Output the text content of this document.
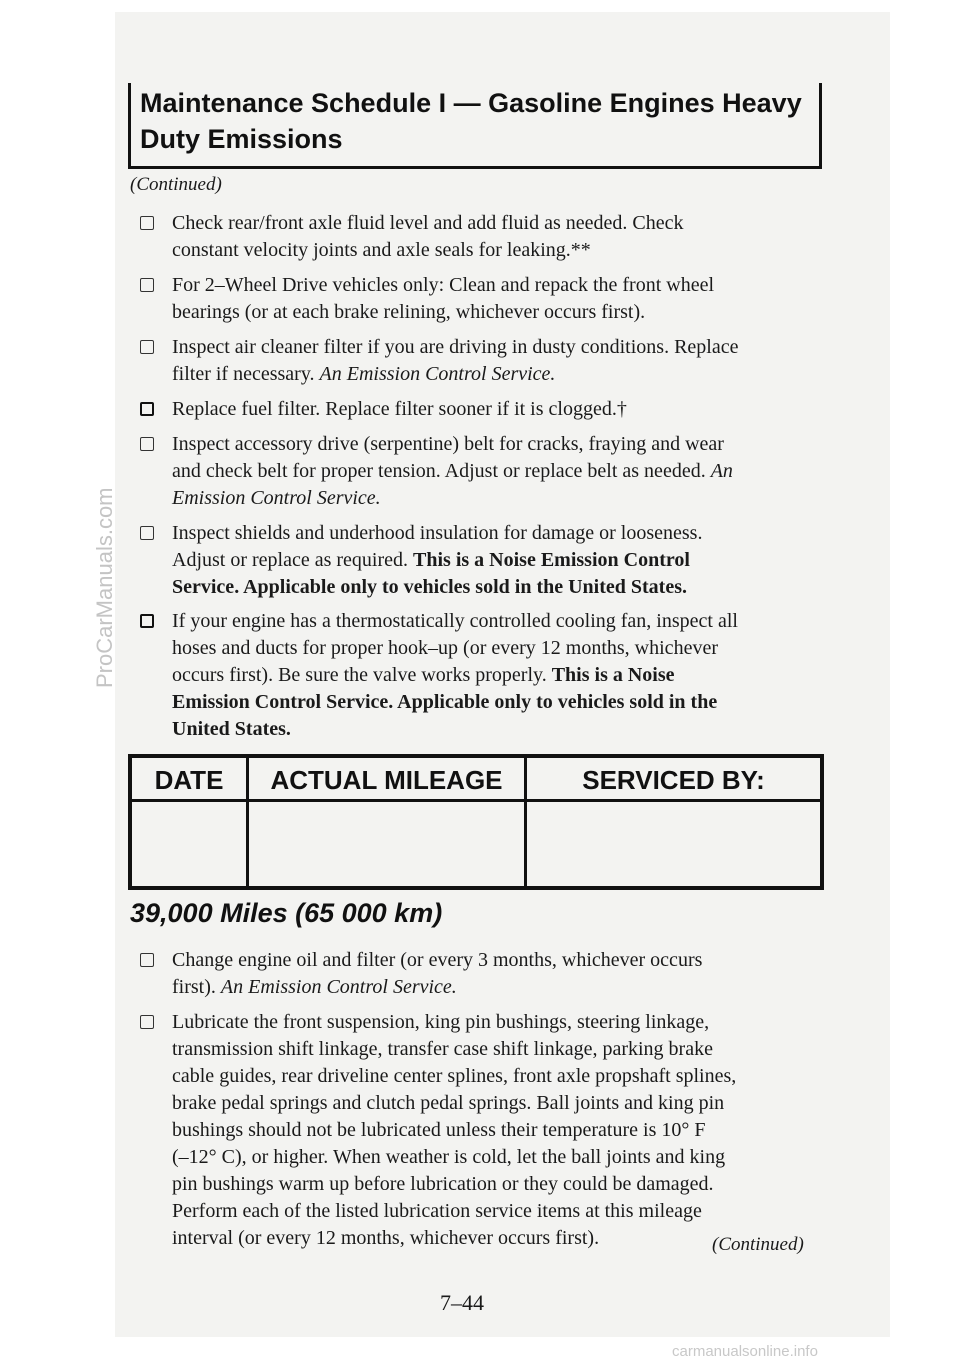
Maintenance Schedule I — Gasoline Engines Heavy
Duty Emissions
(Continued)
Check rear/front axle fluid level and add fluid as needed. Check
constant velocity joints and axle seals for leaking.**
For 2–Wheel Drive vehicles only: Clean and repack the front wheel
bearings (or at each brake relining, whichever occurs first).
Inspect air cleaner filter if you are driving in dusty conditions. Replace
filter if necessary. An Emission Control Service.
Replace fuel filter. Replace filter sooner if it is clogged.†
Inspect accessory drive (serpentine) belt for cracks, fraying and wear
and check belt for proper tension. Adjust or replace belt as needed. An
Emission Control Service.
Inspect shields and underhood insulation for damage or looseness.
Adjust or replace as required. This is a Noise Emission Control
Service. Applicable only to vehicles sold in the United States.
If your engine has a thermostatically controlled cooling fan, inspect all
hoses and ducts for proper hook–up (or every 12 months, whichever
occurs first). Be sure the valve works properly. This is a Noise
Emission Control Service. Applicable only to vehicles sold in the
United States.
DATE	ACTUAL MILEAGE	SERVICED BY:
39,000 Miles (65 000 km)
Change engine oil and filter (or every 3 months, whichever occurs
first). An Emission Control Service.
Lubricate the front suspension, king pin bushings, steering linkage,
transmission shift linkage, transfer case shift linkage, parking brake
cable guides, rear driveline center splines, front axle propshaft splines,
brake pedal springs and clutch pedal springs. Ball joints and king pin
bushings should not be lubricated unless their temperature is 10° F
(–12° C), or higher. When weather is cold, let the ball joints and king
pin bushings warm up before lubrication or they could be damaged.
Perform each of the listed lubrication service items at this mileage
interval (or every 12 months, whichever occurs first).	(Continued)
7–44
ProCarManuals.com
carmanualsonline.info
